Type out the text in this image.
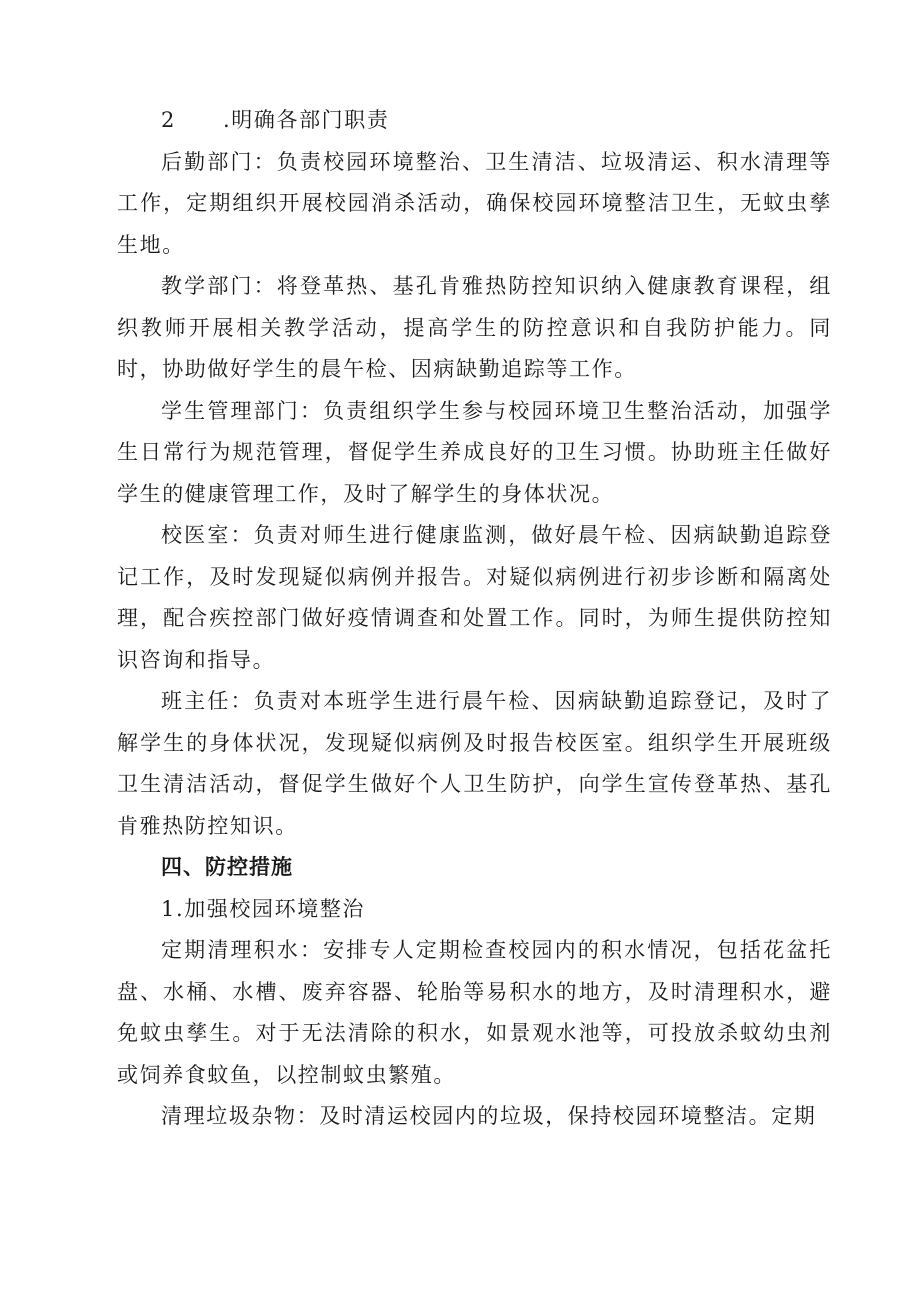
2 .明确各部门职责

后勤部门：负责校园环境整治、卫生清洁、垃圾清运、积水清理等工作，定期组织开展校园消杀活动，确保校园环境整洁卫生，无蚊虫孳生地。

教学部门：将登革热、基孔肯雅热防控知识纳入健康教育课程，组织教师开展相关教学活动，提高学生的防控意识和自我防护能力。同时，协助做好学生的晨午检、因病缺勤追踪等工作。

学生管理部门：负责组织学生参与校园环境卫生整治活动，加强学生日常行为规范管理，督促学生养成良好的卫生习惯。协助班主任做好学生的健康管理工作，及时了解学生的身体状况。

校医室：负责对师生进行健康监测，做好晨午检、因病缺勤追踪登记工作，及时发现疑似病例并报告。对疑似病例进行初步诊断和隔离处理，配合疾控部门做好疫情调查和处置工作。同时，为师生提供防控知识咨询和指导。

班主任：负责对本班学生进行晨午检、因病缺勤追踪登记，及时了解学生的身体状况，发现疑似病例及时报告校医室。组织学生开展班级卫生清洁活动，督促学生做好个人卫生防护，向学生宣传登革热、基孔肯雅热防控知识。

四、防控措施

1.加强校园环境整治

定期清理积水：安排专人定期检查校园内的积水情况，包括花盆托盘、水桶、水槽、废弃容器、轮胎等易积水的地方，及时清理积水，避免蚊虫孳生。对于无法清除的积水，如景观水池等，可投放杀蚊幼虫剂或饲养食蚊鱼，以控制蚊虫繁殖。

清理垃圾杂物：及时清运校园内的垃圾，保持校园环境整洁。定期
